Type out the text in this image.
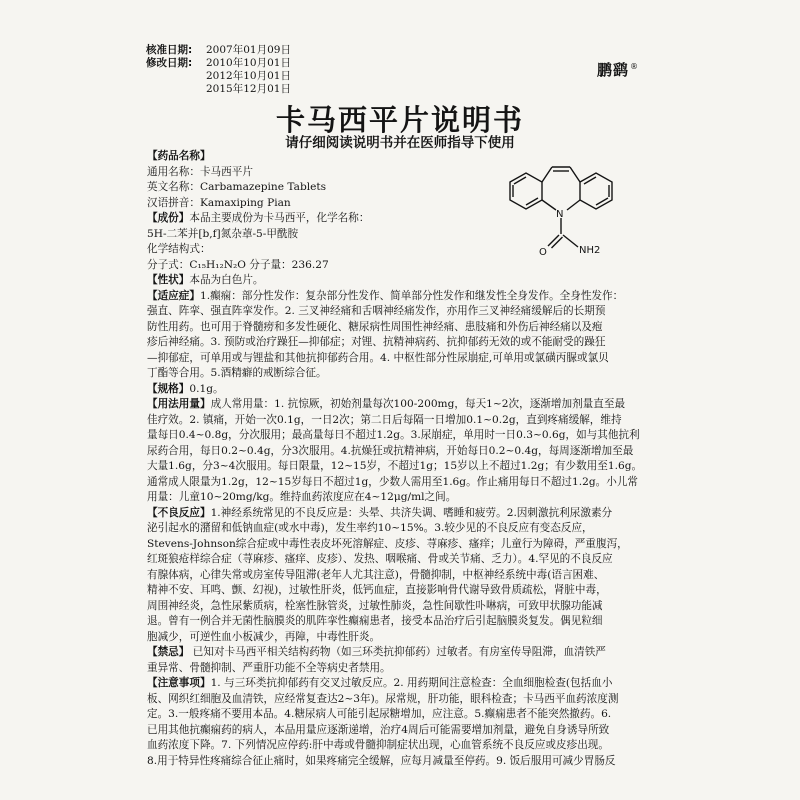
核准日期:	2007年01月09日
修改日期:	2010年10月01日
2012年10月01日
2015年12月01日
鹏鹞®
卡马西平片说明书
请仔细阅读说明书并在医师指导下使用
N
O	NH2
【药品名称】
通用名称：卡马西平片
英文名称：Carbamazepine Tablets
汉语拼音：Kamaxiping Pian
【成份】本品主要成份为卡马西平，化学名称：
5H-二苯并[b,f]氮杂䓬-5-甲酰胺
化学结构式：
分子式：C₁₅H₁₂N₂O 分子量：236.27
【性状】本品为白色片。
【适应症】1.癫痫：部分性发作：复杂部分性发作、简单部分性发作和继发性全身发作。全身性发作：
强直、阵挛、强直阵挛发作。2. 三叉神经痛和舌咽神经痛发作，亦用作三叉神经痛缓解后的长期预
防性用药。也可用于脊髓痨和多发性硬化、糖尿病性周围性神经痛、患肢痛和外伤后神经痛以及疱
疹后神经痛。3. 预防或治疗躁狂—抑郁症；对锂、抗精神病药、抗抑郁药无效的或不能耐受的躁狂
—抑郁症，可单用或与锂盐和其他抗抑郁药合用。4. 中枢性部分性尿崩症,可单用或氯磺丙脲或氯贝
丁酯等合用。5.酒精癖的戒断综合征。
【规格】0.1g。
【用法用量】成人常用量：1. 抗惊厥，初始剂量每次100-200mg，每天1~2次，逐渐增加剂量直至最
佳疗效。2. 镇痛，开始一次0.1g，一日2次；第二日后每隔一日增加0.1~0.2g，直到疼痛缓解，维持
量每日0.4~0.8g，分次服用；最高量每日不超过1.2g。3.尿崩症，单用时一日0.3~0.6g，如与其他抗利
尿药合用，每日0.2~0.4g，分3次服用。4.抗燥狂或抗精神病，开始每日0.2~0.4g，每周逐渐增加至最
大量1.6g，分3~4次服用。每日限量，12~15岁，不超过1g；15岁以上不超过1.2g；有少数用至1.6g。
通常成人限量为1.2g，12~15岁每日不超过1g，少数人需用至1.6g。作止痛用每日不超过1.2g。小儿常
用量：儿童10~20mg/kg。维持血药浓度应在4~12μg/ml之间。
【不良反应】1.神经系统常见的不良反应是：头晕、共济失调、嗜睡和疲劳。2.因刺激抗利尿激素分
泌引起水的潴留和低钠血症(或水中毒)，发生率约10~15%。3.较少见的不良反应有变态反应，
Stevens-Johnson综合症或中毒性表皮坏死溶解症、皮疹、荨麻疹、瘙痒；儿童行为障碍，严重腹泻，
红斑狼疮样综合症（荨麻疹、瘙痒、皮疹）、发热、咽喉痛、骨或关节痛、乏力）。4.罕见的不良反应
有腺体病，心律失常或房室传导阻滞(老年人尤其注意)，骨髓抑制，中枢神经系统中毒(语言困难、
精神不安、耳鸣、颤、幻视)，过敏性肝炎，低钙血症，直接影响骨代谢导致骨质疏松，肾脏中毒，
周围神经炎，急性尿紫质病，栓塞性脉管炎，过敏性肺炎，急性间歇性卟啉病，可致甲状腺功能减
退。曾有一例合并无菌性脑膜炎的肌阵挛性癫痫患者，接受本品治疗后引起脑膜炎复发。偶见粒细
胞减少，可逆性血小板减少，再障，中毒性肝炎。
【禁忌】 已知对卡马西平相关结构药物（如三环类抗抑郁药）过敏者。有房室传导阻滞，血清铁严
重异常、骨髓抑制、严重肝功能不全等病史者禁用。
【注意事项】1. 与三环类抗抑郁药有交叉过敏反应。2. 用药期间注意检查：全血细胞检查(包括血小
板、网织红细胞及血清铁，应经常复查达2~3年)。尿常规，肝功能，眼科检查；卡马西平血药浓度测
定。3.一般疼痛不要用本品。4.糖尿病人可能引起尿糖增加，应注意。5.癫痫患者不能突然撤药。6.
已用其他抗癫痫药的病人，本品用量应逐渐递增，治疗4周后可能需要增加剂量，避免自身诱导所致
血药浓度下降。7. 下列情况应停药:肝中毒或骨髓抑制症状出现，心血管系统不良反应或皮疹出现。
8.用于特异性疼痛综合征止痛时，如果疼痛完全缓解，应每月减量至停药。9. 饭后服用可减少胃肠反
